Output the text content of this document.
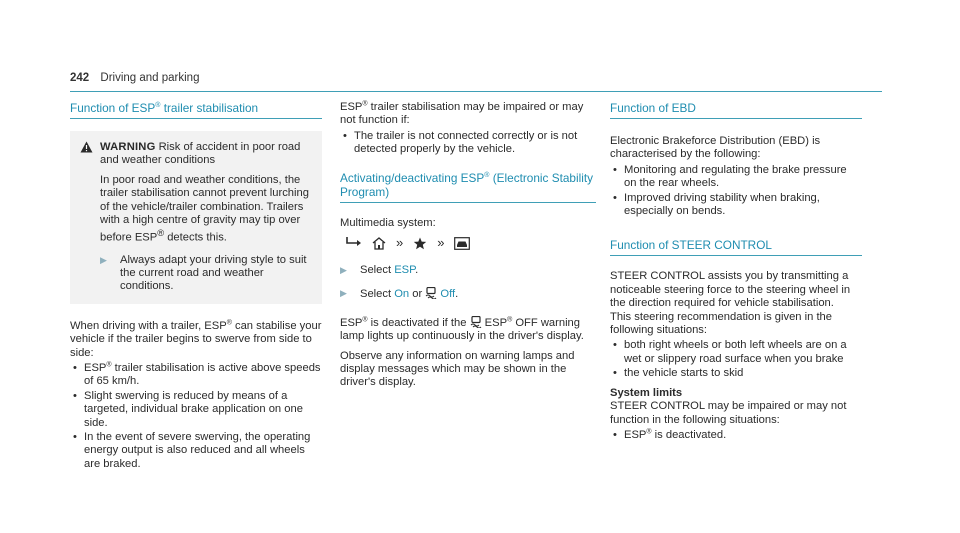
242 Driving and parking
Function of ESP® trailer stabilisation
WARNING Risk of accident in poor road and weather conditions
In poor road and weather conditions, the trailer stabilisation cannot prevent lurching of the vehicle/trailer combination. Trailers with a high centre of gravity may tip over before ESP® detects this.
▶	Always adapt your driving style to suit the current road and weather conditions.

When driving with a trailer, ESP® can stabilise your vehicle if the trailer begins to swerve from side to side:

• ESP® trailer stabilisation is active above speeds of 65 km/h.
• Slight swerving is reduced by means of a targeted, individual brake application on one side.
• In the event of severe swerving, the operating energy output is also reduced and all wheels are braked.

ESP® trailer stabilisation may be impaired or may not function if:

• The trailer is not connected correctly or is not detected properly by the vehicle.
Activating/deactivating ESP® (Electronic Stability Program)

Multimedia system:

»	»
▶	Select ESP.
▶	Select On or  Off.

ESP® is deactivated if the  ESP® OFF warning lamp lights up continuously in the driver's display.

Observe any information on warning lamps and display messages which may be shown in the driver's display.

Function of EBD

Electronic Brakeforce Distribution (EBD) is characterised by the following:

• Monitoring and regulating the brake pressure on the rear wheels.
• Improved driving stability when braking, especially on bends.
Function of STEER CONTROL

STEER CONTROL assists you by transmitting a noticeable steering force to the steering wheel in the direction required for vehicle stabilisation.

This steering recommendation is given in the following situations:

• both right wheels or both left wheels are on a wet or slippery road surface when you brake
• the vehicle starts to skid

System limits

STEER CONTROL may be impaired or may not function in the following situations:

• ESP® is deactivated.
